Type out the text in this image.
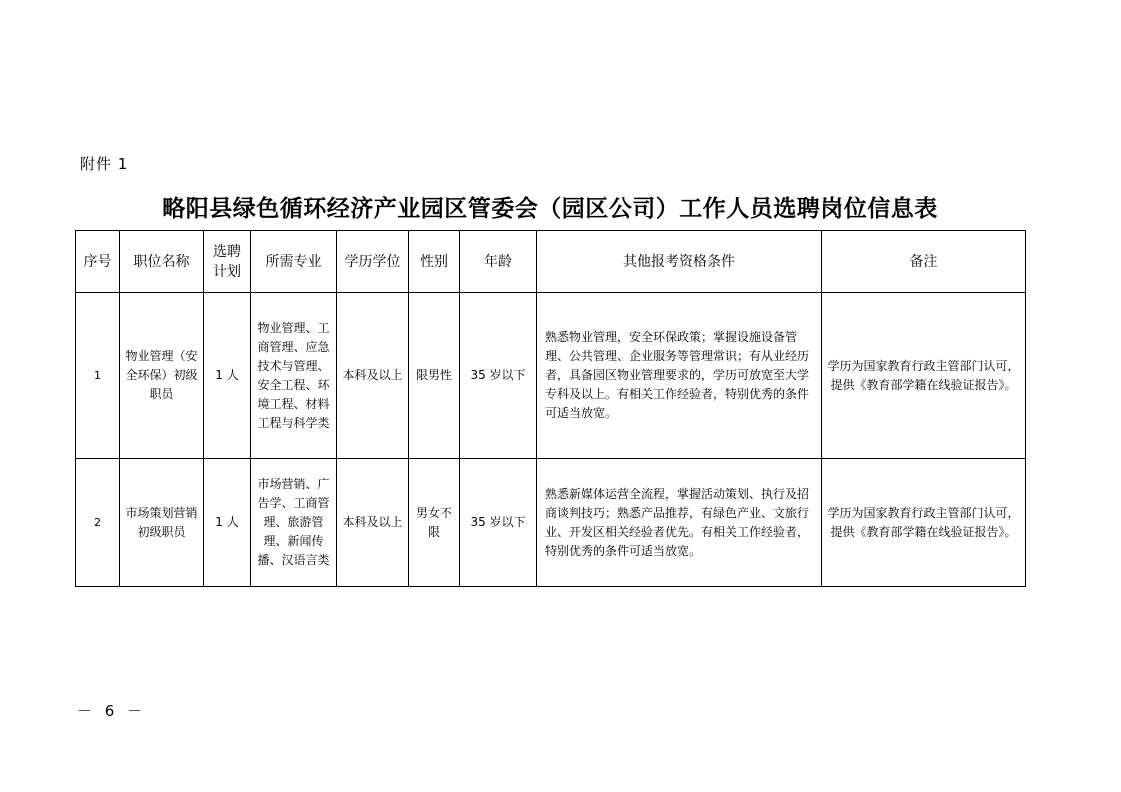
附件 1
略阳县绿色循环经济产业园区管委会（园区公司）工作人员选聘岗位信息表
序号	职位名称	选聘计划	所需专业	学历学位	性别	年龄	其他报考资格条件	备注
1	物业管理（安全环保）初级职员	1 人	物业管理、工商管理、应急技术与管理、安全工程、环境工程、材料工程与科学类	本科及以上	限男性	35 岁以下	熟悉物业管理，安全环保政策；掌握设施设备管理、公共管理、企业服务等管理常识；有从业经历者，具备园区物业管理要求的，学历可放宽至大学专科及以上。有相关工作经验者，特别优秀的条件可适当放宽。	学历为国家教育行政主管部门认可，提供《教育部学籍在线验证报告》。
2	市场策划营销初级职员	1 人	市场营销、广告学、工商管理、旅游管理、新闻传播、汉语言类	本科及以上	男女不限	35 岁以下	熟悉新媒体运营全流程，掌握活动策划、执行及招商谈判技巧；熟悉产品推荐，有绿色产业、文旅行业、开发区相关经验者优先。有相关工作经验者，特别优秀的条件可适当放宽。	学历为国家教育行政主管部门认可，提供《教育部学籍在线验证报告》。
－ 6 －
